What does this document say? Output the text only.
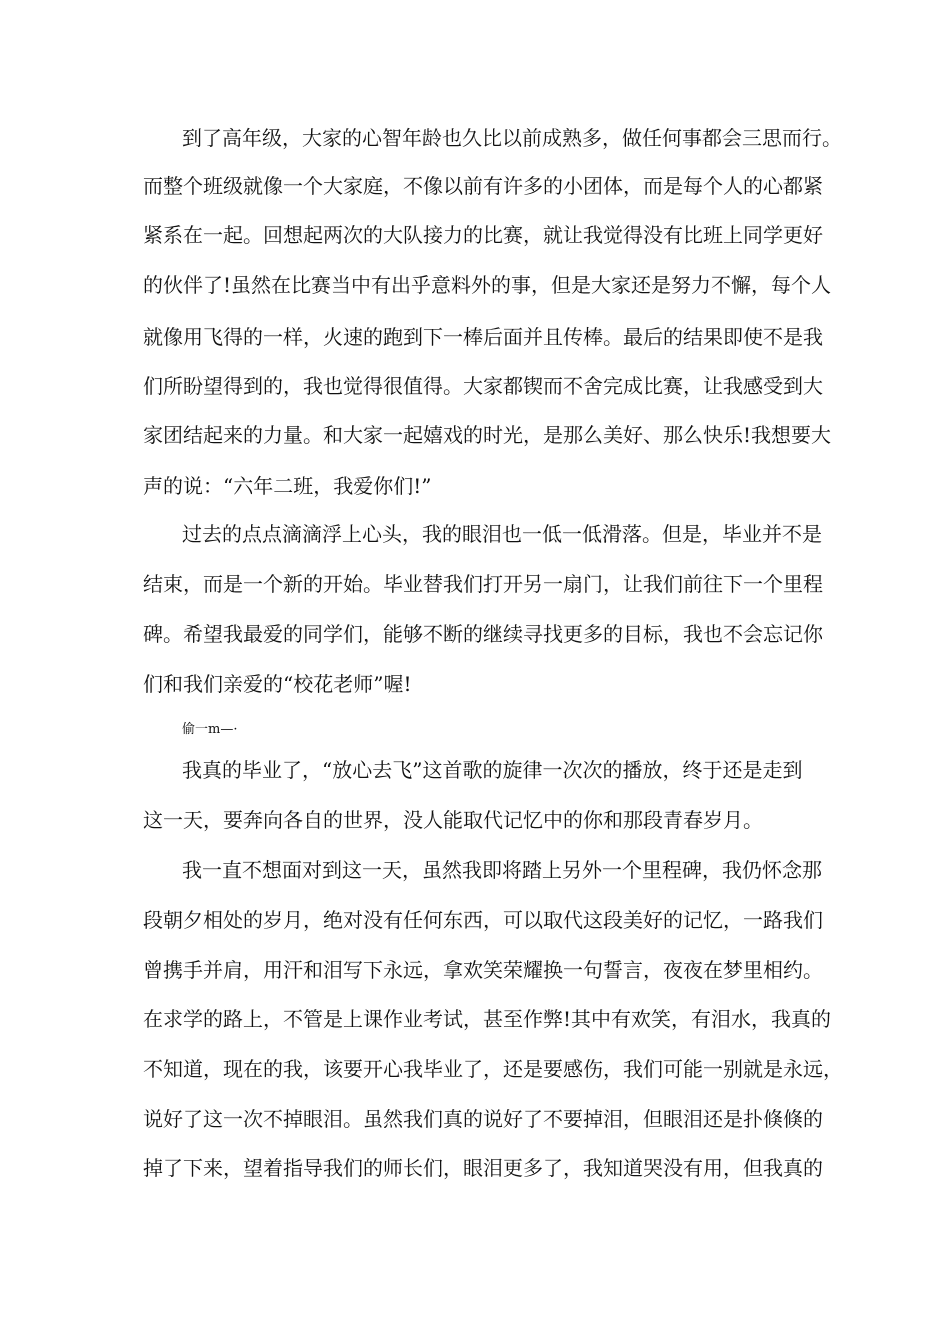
到了高年级，大家的心智年龄也久比以前成熟多，做任何事都会三思而行。
而整个班级就像一个大家庭，不像以前有许多的小团体，而是每个人的心都紧
紧系在一起。回想起两次的大队接力的比赛，就让我觉得没有比班上同学更好
的伙伴了!虽然在比赛当中有出乎意料外的事，但是大家还是努力不懈，每个人
就像用飞得的一样，火速的跑到下一棒后面并且传棒。最后的结果即使不是我
们所盼望得到的，我也觉得很值得。大家都锲而不舍完成比赛，让我感受到大
家团结起来的力量。和大家一起嬉戏的时光，是那么美好、那么快乐!我想要大
声的说：“六年二班，我爱你们!”
过去的点点滴滴浮上心头，我的眼泪也一低一低滑落。但是，毕业并不是
结束，而是一个新的开始。毕业替我们打开另一扇门，让我们前往下一个里程
碑。希望我最爱的同学们，能够不断的继续寻找更多的目标，我也不会忘记你
们和我们亲爱的“校花老师”喔!
偷一m—·
我真的毕业了，“放心去飞”这首歌的旋律一次次的播放，终于还是走到
这一天，要奔向各自的世界，没人能取代记忆中的你和那段青春岁月。
我一直不想面对到这一天，虽然我即将踏上另外一个里程碑，我仍怀念那
段朝夕相处的岁月，绝对没有任何东西，可以取代这段美好的记忆，一路我们
曾携手并肩，用汗和泪写下永远，拿欢笑荣耀换一句誓言，夜夜在梦里相约。
在求学的路上，不管是上课作业考试，甚至作弊!其中有欢笑，有泪水，我真的
不知道，现在的我，该要开心我毕业了，还是要感伤，我们可能一别就是永远，
说好了这一次不掉眼泪。虽然我们真的说好了不要掉泪，但眼泪还是扑倏倏的
掉了下来，望着指导我们的师长们，眼泪更多了，我知道哭没有用，但我真的
